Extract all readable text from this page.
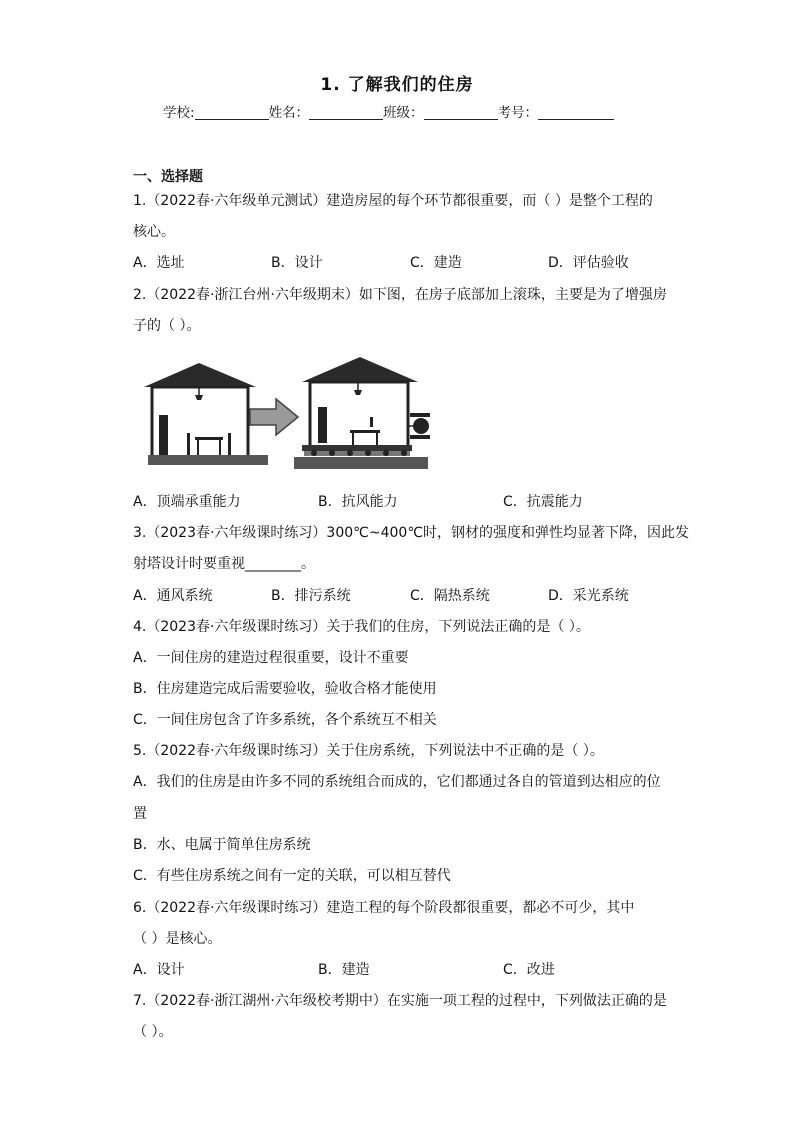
1. 了解我们的住房
学校:	姓名：	班级：	考号：
一、选择题
1.（2022春·六年级单元测试）建造房屋的每个环节都很重要，而（ ）是整个工程的
核心。
A．选址	B．设计	C．建造	D．评估验收
2.（2022春·浙江台州·六年级期末）如下图，在房子底部加上滚珠，主要是为了增强房
子的（ ）。
A．顶端承重能力	B．抗风能力	C．抗震能力
3.（2023春·六年级课时练习）300℃~400℃时，钢材的强度和弹性均显著下降，因此发
射塔设计时要重视________。
A．通风系统	B．排污系统	C．隔热系统	D．采光系统
4.（2023春·六年级课时练习）关于我们的住房，下列说法正确的是（ ）。
A．一间住房的建造过程很重要，设计不重要
B．住房建造完成后需要验收，验收合格才能使用
C．一间住房包含了许多系统，各个系统互不相关
5.（2022春·六年级课时练习）关于住房系统，下列说法中不正确的是（ ）。
A．我们的住房是由许多不同的系统组合而成的，它们都通过各自的管道到达相应的位
置
B．水、电属于简单住房系统
C．有些住房系统之间有一定的关联，可以相互替代
6.（2022春·六年级课时练习）建造工程的每个阶段都很重要，都必不可少，其中
（ ）是核心。
A．设计	B．建造	C．改进
7.（2022春·浙江湖州·六年级校考期中）在实施一项工程的过程中，下列做法正确的是
（ ）。
